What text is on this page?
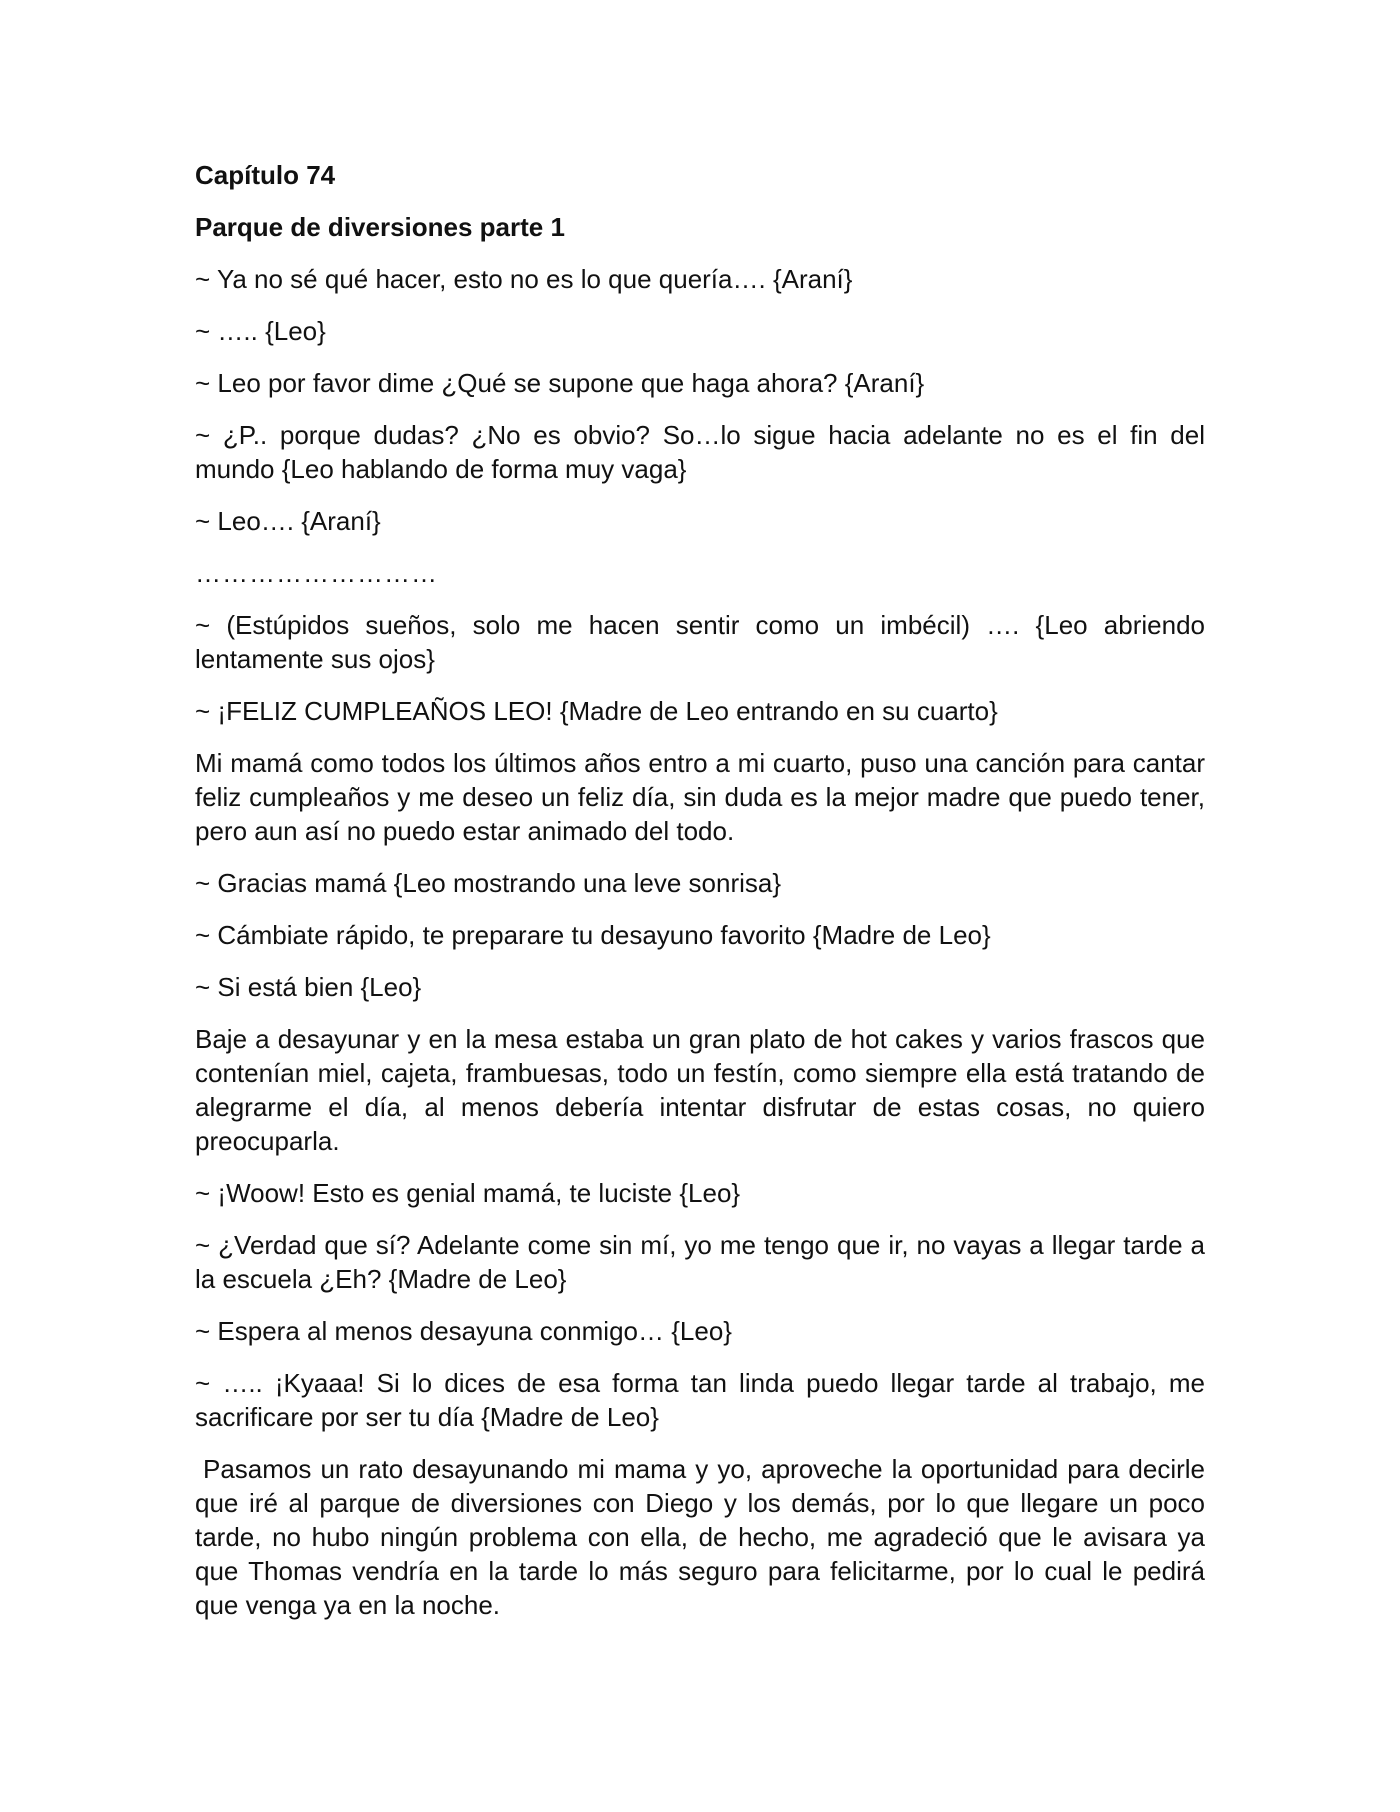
Capítulo 74
Parque de diversiones parte 1
~ Ya no sé qué hacer, esto no es lo que quería…. {Araní}
~ ….. {Leo}
~ Leo por favor dime ¿Qué se supone que haga ahora? {Araní}
~ ¿P.. porque dudas? ¿No es obvio? So…lo sigue hacia adelante no es el fin del mundo {Leo hablando de forma muy vaga}
~ Leo…. {Araní}
………………………
~ (Estúpidos sueños, solo me hacen sentir como un imbécil) …. {Leo abriendo lentamente sus ojos}
~ ¡FELIZ CUMPLEAÑOS LEO! {Madre de Leo entrando en su cuarto}
Mi mamá como todos los últimos años entro a mi cuarto, puso una canción para cantar feliz cumpleaños y me deseo un feliz día, sin duda es la mejor madre que puedo tener, pero aun así no puedo estar animado del todo.
~ Gracias mamá {Leo mostrando una leve sonrisa}
~ Cámbiate rápido, te preparare tu desayuno favorito {Madre de Leo}
~ Si está bien {Leo}
Baje a desayunar y en la mesa estaba un gran plato de hot cakes y varios frascos que contenían miel, cajeta, frambuesas, todo un festín, como siempre ella está tratando de alegrarme el día, al menos debería intentar disfrutar de estas cosas, no quiero preocuparla.
~ ¡Woow! Esto es genial mamá, te luciste {Leo}
~ ¿Verdad que sí? Adelante come sin mí, yo me tengo que ir, no vayas a llegar tarde a la escuela ¿Eh? {Madre de Leo}
~ Espera al menos desayuna conmigo… {Leo}
~ ….. ¡Kyaaa! Si lo dices de esa forma tan linda puedo llegar tarde al trabajo, me sacrificare por ser tu día {Madre de Leo}
Pasamos un rato desayunando mi mama y yo, aproveche la oportunidad para decirle que iré al parque de diversiones con Diego y los demás, por lo que llegare un poco tarde, no hubo ningún problema con ella, de hecho, me agradeció que le avisara ya que Thomas vendría en la tarde lo más seguro para felicitarme, por lo cual le pedirá que venga ya en la noche.
